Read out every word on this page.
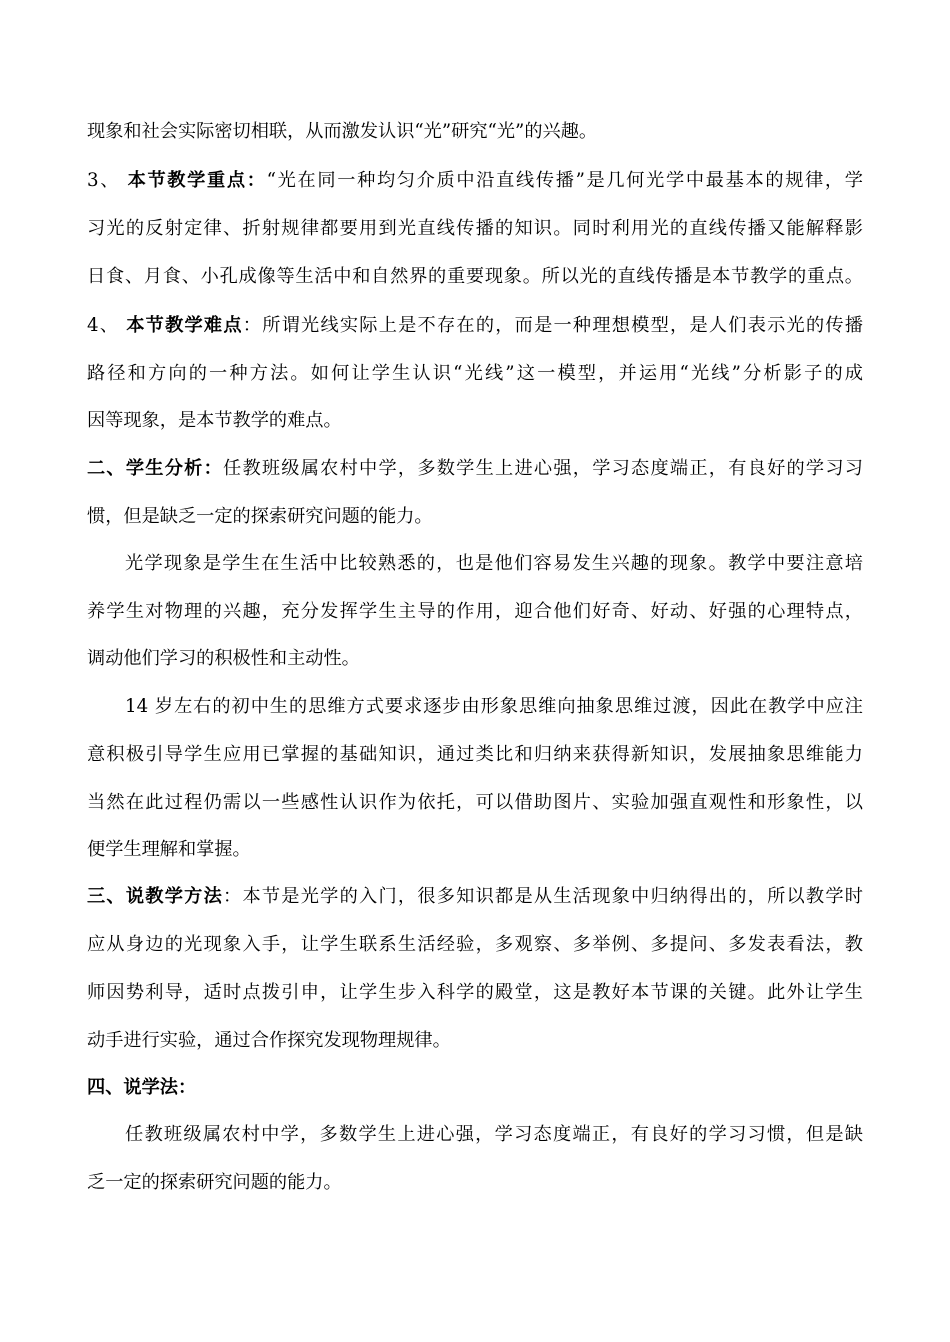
现象和社会实际密切相联，从而激发认识“光”研究“光”的兴趣。
3、 本节教学重点：“光在同一种均匀介质中沿直线传播”是几何光学中最基本的规律，学
习光的反射定律、折射规律都要用到光直线传播的知识。同时利用光的直线传播又能解释影
日食、月食、小孔成像等生活中和自然界的重要现象。所以光的直线传播是本节教学的重点。
4、 本节教学难点：所谓光线实际上是不存在的，而是一种理想模型，是人们表示光的传播
路径和方向的一种方法。如何让学生认识“光线”这一模型，并运用“光线”分析影子的成
因等现象，是本节教学的难点。
二、学生分析：任教班级属农村中学，多数学生上进心强，学习态度端正，有良好的学习习
惯，但是缺乏一定的探索研究问题的能力。
光学现象是学生在生活中比较熟悉的，也是他们容易发生兴趣的现象。教学中要注意培
养学生对物理的兴趣，充分发挥学生主导的作用，迎合他们好奇、好动、好强的心理特点，
调动他们学习的积极性和主动性。
14 岁左右的初中生的思维方式要求逐步由形象思维向抽象思维过渡，因此在教学中应注
意积极引导学生应用已掌握的基础知识，通过类比和归纳来获得新知识，发展抽象思维能力
当然在此过程仍需以一些感性认识作为依托，可以借助图片、实验加强直观性和形象性，以
便学生理解和掌握。
三、说教学方法：本节是光学的入门，很多知识都是从生活现象中归纳得出的，所以教学时
应从身边的光现象入手，让学生联系生活经验，多观察、多举例、多提问、多发表看法，教
师因势利导，适时点拨引申，让学生步入科学的殿堂，这是教好本节课的关键。此外让学生
动手进行实验，通过合作探究发现物理规律。
四、说学法：
任教班级属农村中学，多数学生上进心强，学习态度端正，有良好的学习习惯，但是缺
乏一定的探索研究问题的能力。
